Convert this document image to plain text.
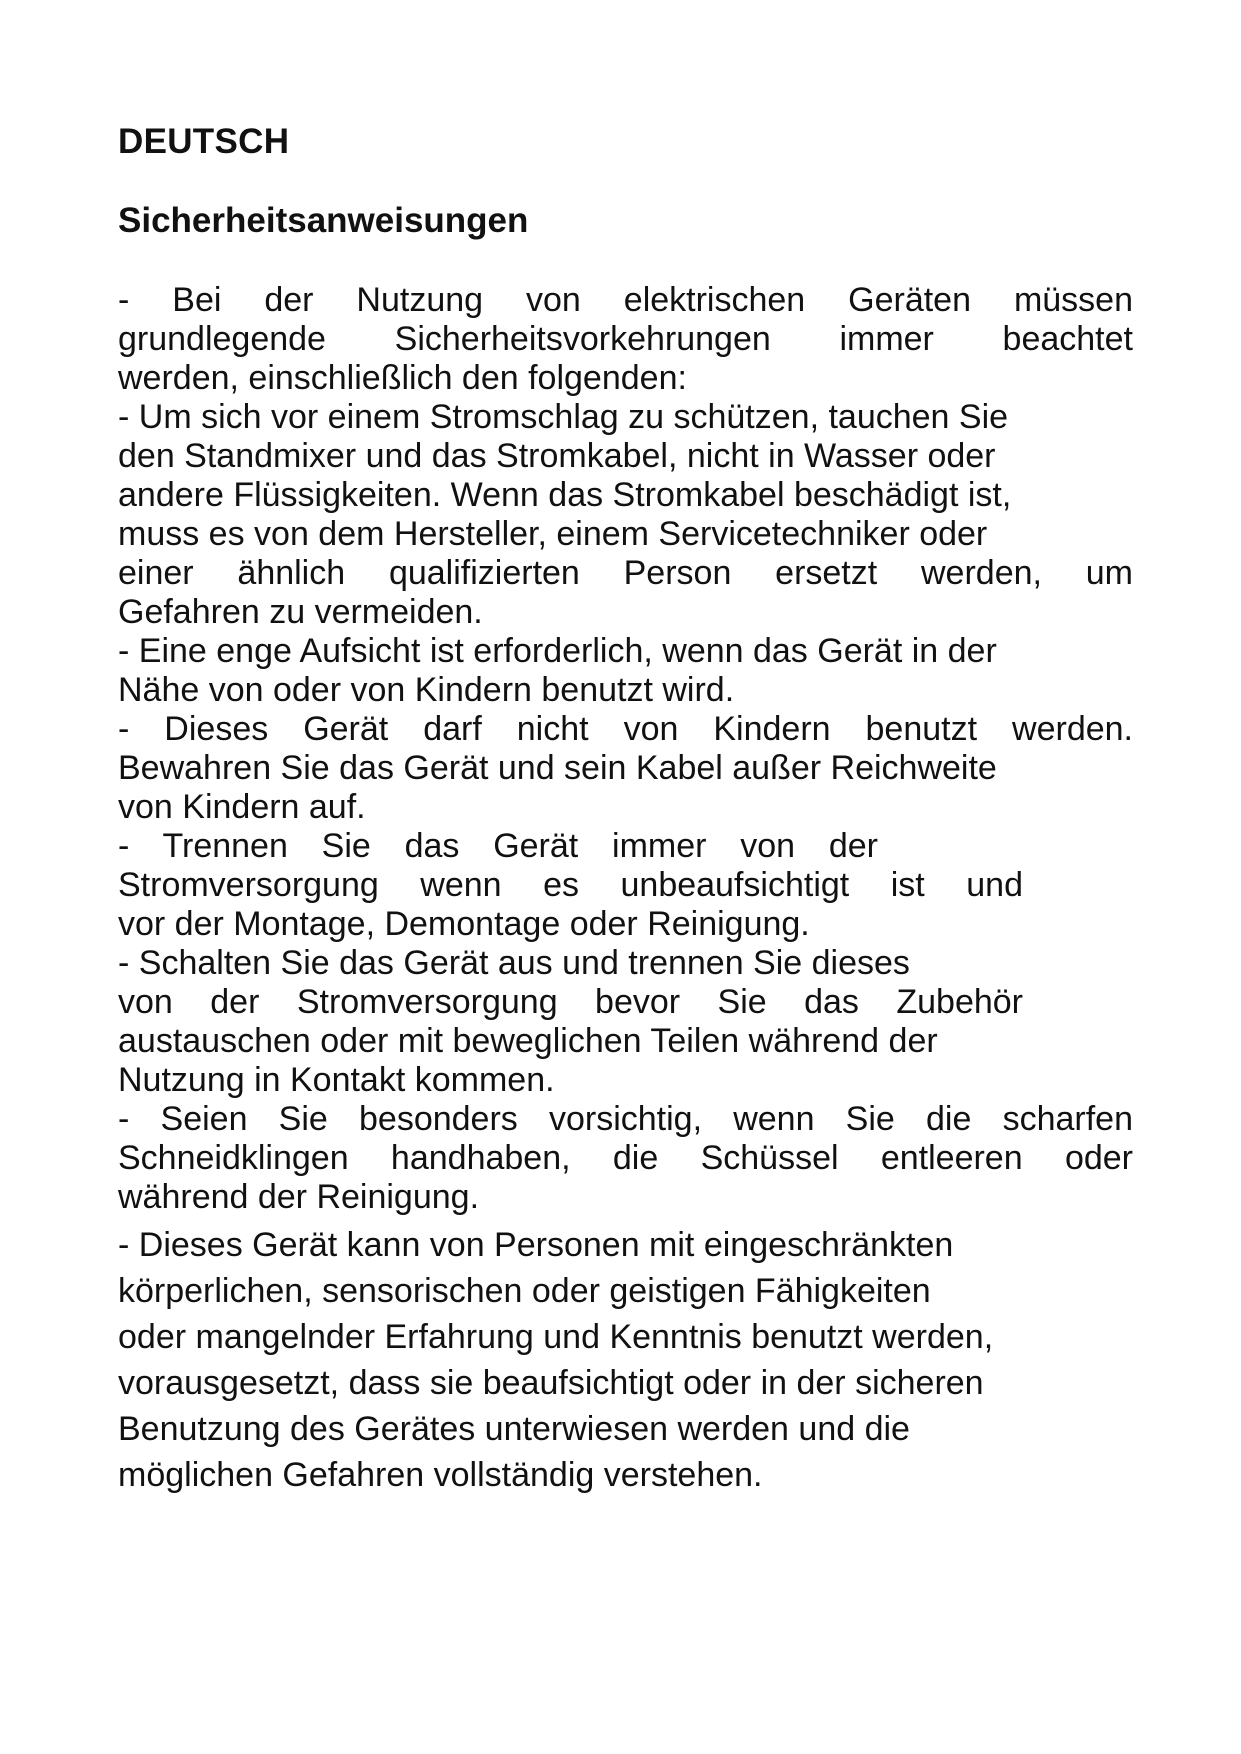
DEUTSCH
Sicherheitsanweisungen

- Bei der Nutzung von elektrischen Geräten müssen
grundlegende Sicherheitsvorkehrungen immer beachtet
werden, einschließlich den folgenden:

- Um sich vor einem Stromschlag zu schützen, tauchen Sie
den Standmixer und das Stromkabel, nicht in Wasser oder
andere Flüssigkeiten. Wenn das Stromkabel beschädigt ist,
muss es von dem Hersteller, einem Servicetechniker oder
einer ähnlich qualifizierten Person ersetzt werden, um
Gefahren zu vermeiden.

- Eine enge Aufsicht ist erforderlich, wenn das Gerät in der
Nähe von oder von Kindern benutzt wird.

- Dieses Gerät darf nicht von Kindern benutzt werden.
Bewahren Sie das Gerät und sein Kabel außer Reichweite
von Kindern auf.

- Trennen Sie das Gerät immer von der
Stromversorgung wenn es unbeaufsichtigt ist und
vor der Montage, Demontage oder Reinigung.

- Schalten Sie das Gerät aus und trennen Sie dieses
von der Stromversorgung bevor Sie das Zubehör
austauschen oder mit beweglichen Teilen während der
Nutzung in Kontakt kommen.

- Seien Sie besonders vorsichtig, wenn Sie die scharfen
Schneidklingen handhaben, die Schüssel entleeren oder
während der Reinigung.

- Dieses Gerät kann von Personen mit eingeschränkten
körperlichen, sensorischen oder geistigen Fähigkeiten
oder mangelnder Erfahrung und Kenntnis benutzt werden,
vorausgesetzt, dass sie beaufsichtigt oder in der sicheren
Benutzung des Gerätes unterwiesen werden und die
möglichen Gefahren vollständig verstehen.
